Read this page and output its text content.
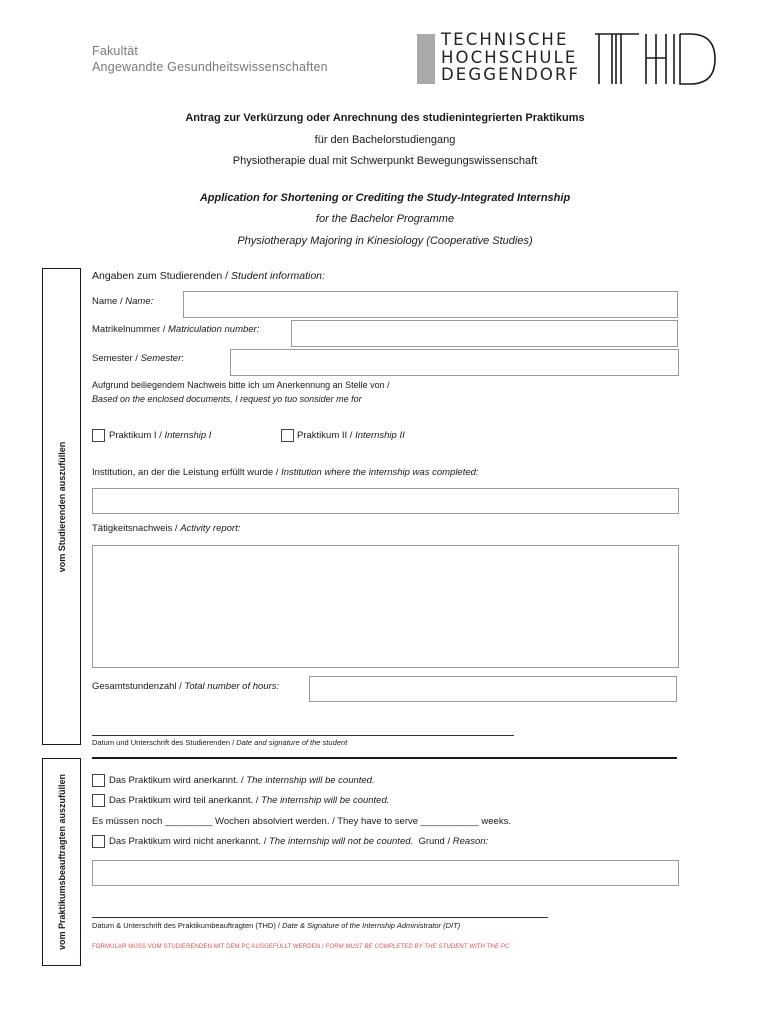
Fakultät
Angewandte Gesundheitswissenschaften
TECHNISCHE
HOCHSCHULE
DEGGENDORF
Antrag zur Verkürzung oder Anrechnung des studienintegrierten Praktikums
für den Bachelorstudiengang
Physiotherapie dual mit Schwerpunkt Bewegungswissenschaft
Application for Shortening or Crediting the Study-Integrated Internship
for the Bachelor Programme
Physiotherapy Majoring in Kinesiology (Cooperative Studies)
vom Studierenden auszufüllen
vom Praktikumsbeauftragten auszufüllen
Angaben zum Studierenden / Student information:
Name / Name:
Matrikelnummer / Matriculation number:
Semester / Semester:
Aufgrund beiliegendem Nachweis bitte ich um Anerkennung an Stelle von /
Based on the enclosed documents, I request yo tuo sonsider me for
Praktikum I / Internship I	Praktikum II / Internship II
Institution, an der die Leistung erfüllt wurde / Institution where the internship was completed:
Tätigkeitsnachweis / Activity report:
Gesamtstundenzahl / Total number of hours:
Datum und Unterschrift des Studierenden / Date and signature of the student
Das Praktikum wird anerkannt. / The internship will be counted.
Das Praktikum wird teil anerkannt. / The internship will be counted.
Es müssen noch _________ Wochen absolviert werden. / They have to serve ___________ weeks.
Das Praktikum wird nicht anerkannt. / The internship will not be counted. Grund / Reason:
Datum & Unterschrift des Praktikumbeauftragten (THD) / Date & Signature of the Internship Administrator (DIT)
FORMULAR MUSS VOM STUDIERENDEN MIT DEM PC AUSGEFÜLLT WERDEN / FORM MUST BE COMPLETED BY THE STUDENT WITH THE PC
